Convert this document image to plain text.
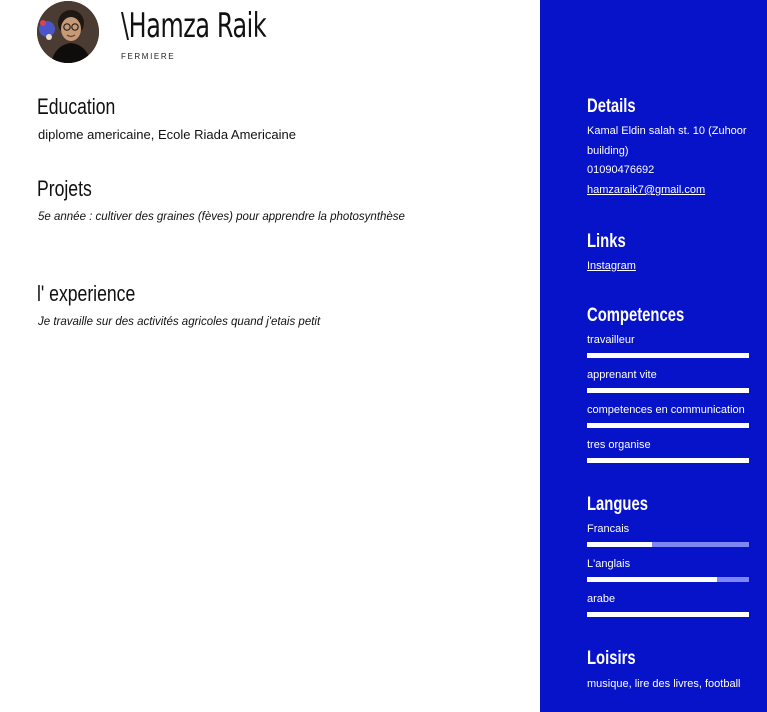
\Hamza Raik
FERMIERE
Education
diplome americaine, Ecole Riada Americaine
Projets
5e année : cultiver des graines (fèves) pour apprendre la photosynthèse
l' experience
Je travaille sur des activités agricoles quand j'etais petit
Details
Kamal Eldin salah st. 10 (Zuhoor
building)
01090476692
hamzaraik7@gmail.com
Links
Instagram
Competences
travailleur
apprenant vite
competences en communication
tres organise
Langues
Francais
L'anglais
arabe
Loisirs
musique, lire des livres, football
